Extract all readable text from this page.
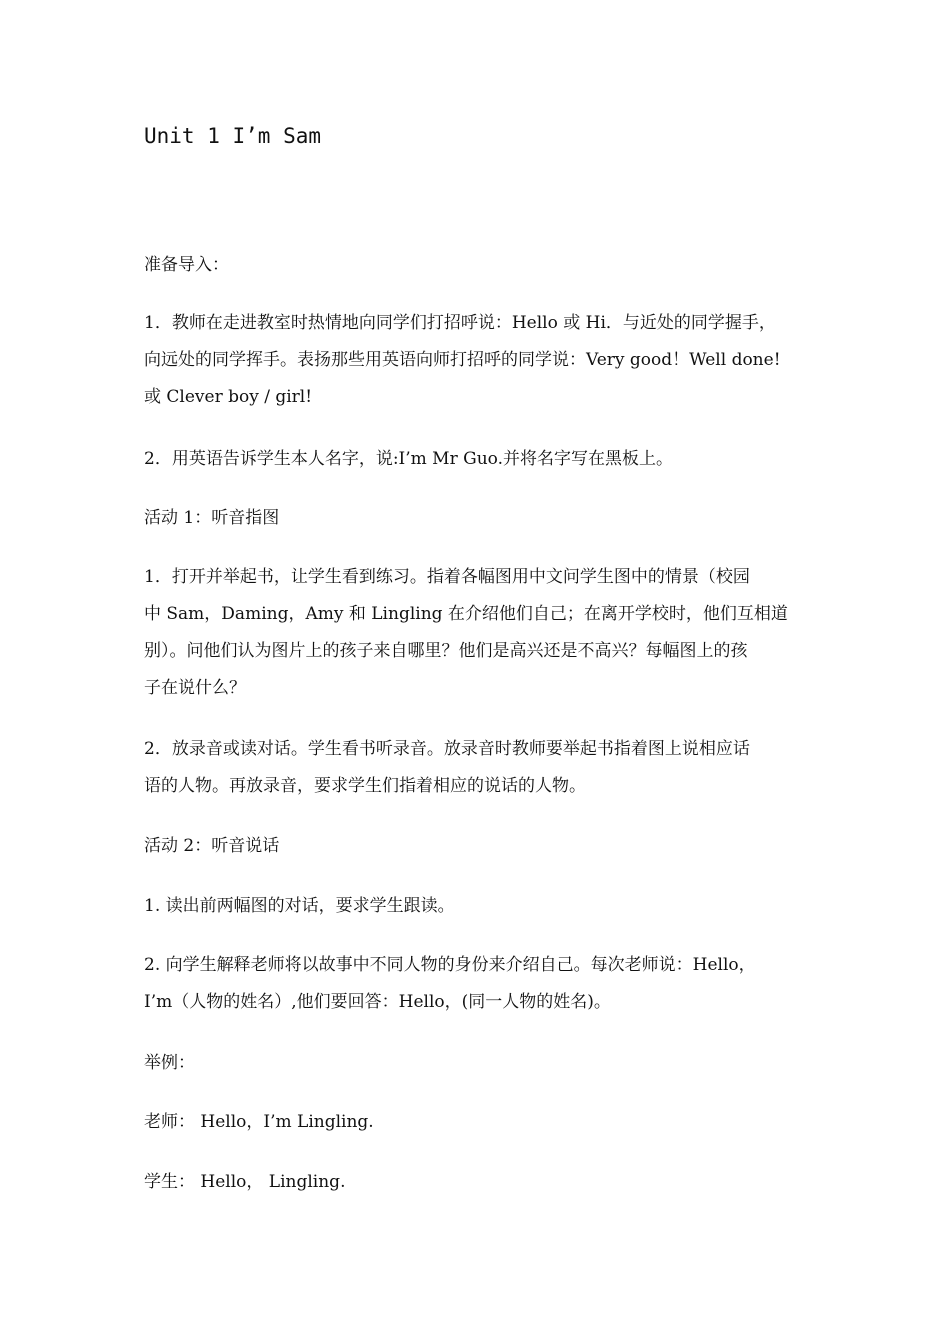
Unit 1 I’m Sam
准备导入：
1．教师在走进教室时热情地向同学们打招呼说：Hello 或 Hi．与近处的同学握手，
向远处的同学挥手。表扬那些用英语向师打招呼的同学说：Very good！Well done!
或 Clever boy / girl!
2．用英语告诉学生本人名字，说:I’m Mr Guo.并将名字写在黑板上。
活动 1：听音指图
1．打开并举起书，让学生看到练习。指着各幅图用中文问学生图中的情景（校园
中 Sam，Daming，Amy 和 Lingling 在介绍他们自己；在离开学校时，他们互相道
别）。问他们认为图片上的孩子来自哪里？他们是高兴还是不高兴？每幅图上的孩
子在说什么？
2．放录音或读对话。学生看书听录音。放录音时教师要举起书指着图上说相应话
语的人物。再放录音，要求学生们指着相应的说话的人物。
活动 2：听音说话
1. 读出前两幅图的对话，要求学生跟读。
2. 向学生解释老师将以故事中不同人物的身份来介绍自己。每次老师说：Hello，
I’m（人物的姓名）,他们要回答：Hello，(同一人物的姓名)。
举例：
老师： Hello，I’m Lingling.
学生： Hello， Lingling.
